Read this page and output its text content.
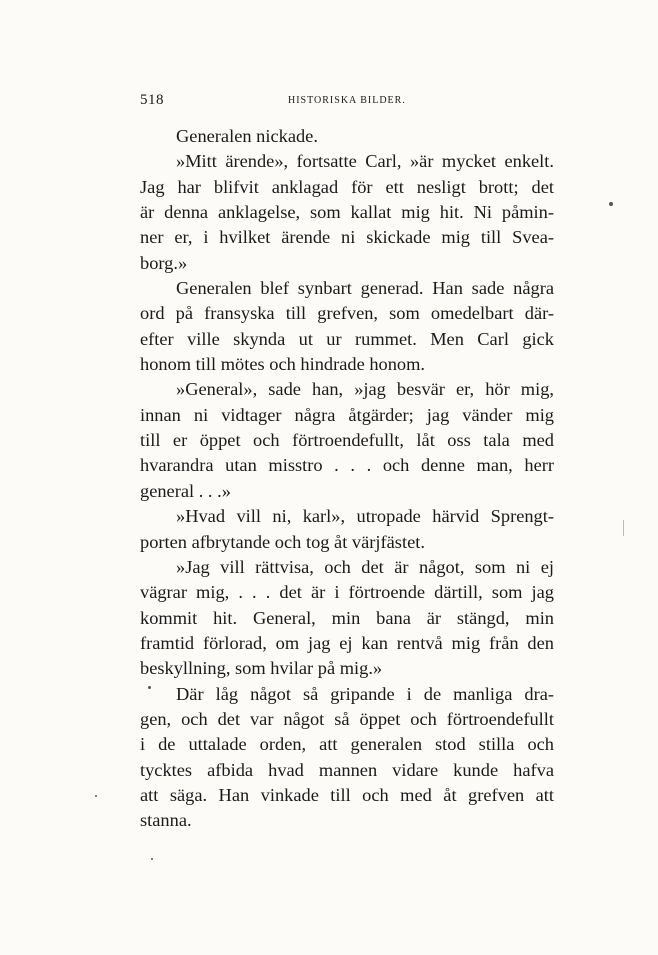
518	HISTORISKA BILDER.
Generalen nickade.
»Mitt ärende», fortsatte Carl, »är mycket enkelt.
Jag har blifvit anklagad för ett nesligt brott; det
är denna anklagelse, som kallat mig hit. Ni påmin-
ner er, i hvilket ärende ni skickade mig till Svea-
borg.»
Generalen blef synbart generad. Han sade några
ord på fransyska till grefven, som omedelbart där-
efter ville skynda ut ur rummet. Men Carl gick
honom till mötes och hindrade honom.
»General», sade han, »jag besvär er, hör mig,
innan ni vidtager några åtgärder; jag vänder mig
till er öppet och förtroendefullt, låt oss tala med
hvarandra utan misstro . . . och denne man, herr
general . . .»
»Hvad vill ni, karl», utropade härvid Sprengt-
porten afbrytande och tog åt värjfästet.
»Jag vill rättvisa, och det är något, som ni ej
vägrar mig, . . . det är i förtroende därtill, som jag
kommit hit. General, min bana är stängd, min
framtid förlorad, om jag ej kan rentvå mig från den
beskyllning, som hvilar på mig.»
Där låg något så gripande i de manliga dra-
gen, och det var något så öppet och förtroendefullt
i de uttalade orden, att generalen stod stilla och
tycktes afbida hvad mannen vidare kunde hafva
att säga. Han vinkade till och med åt grefven att
stanna.
